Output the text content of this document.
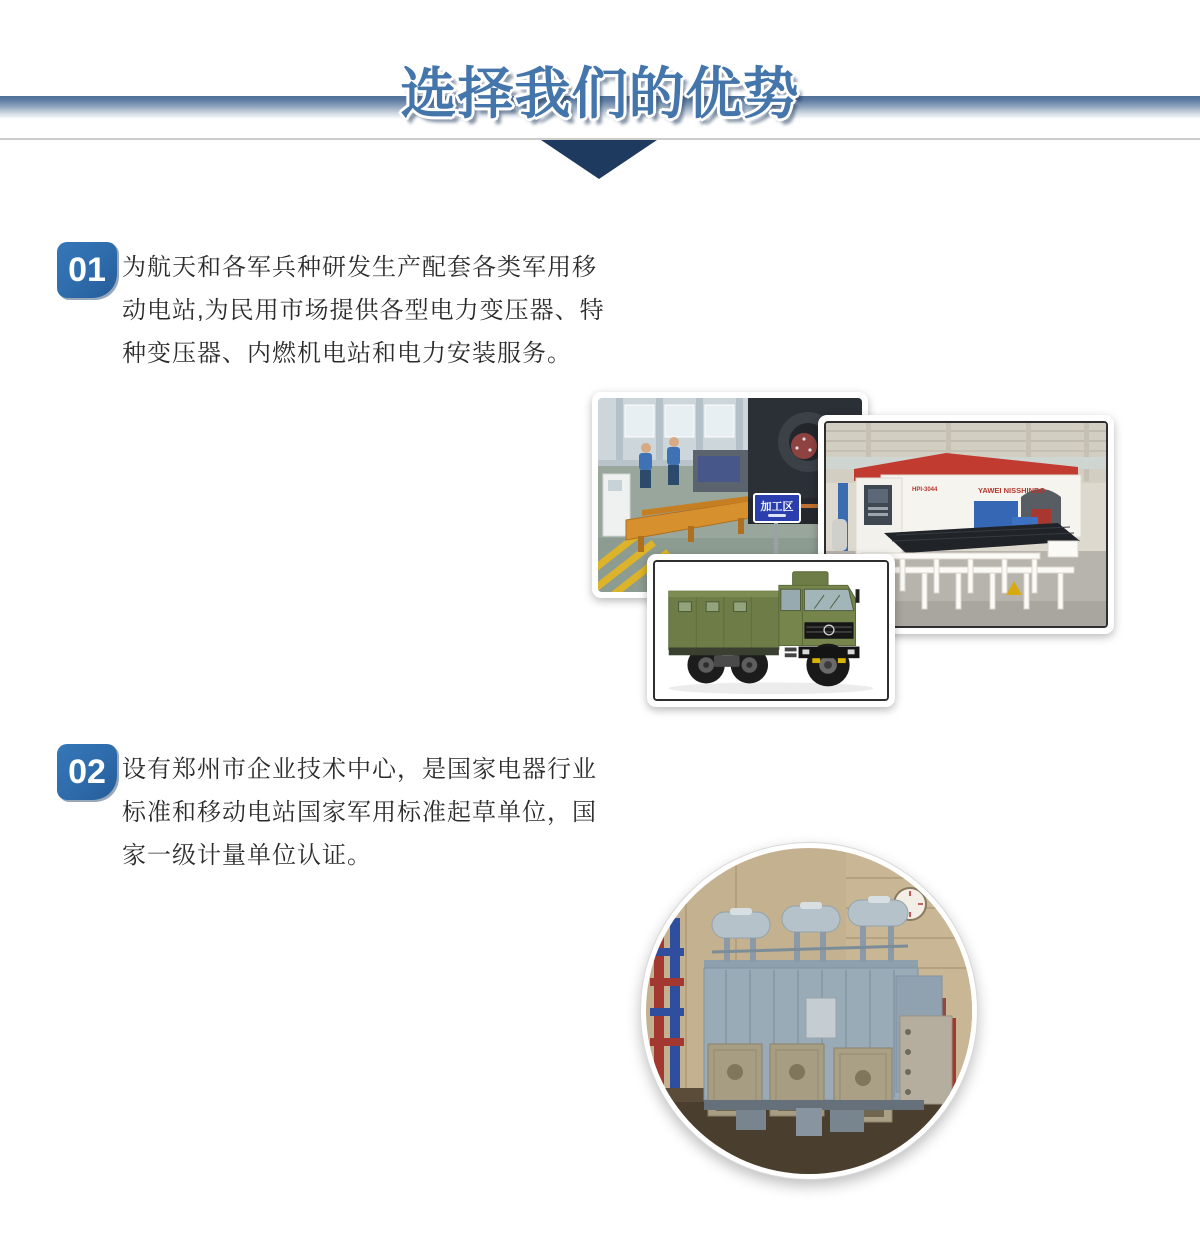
选择我们的优势
01 为航天和各军兵种研发生产配套各类军用移
动电站,为民用市场提供各型电力变压器、特
种变压器、内燃机电站和电力安装服务。
加工区
HPI-3044	YAWEI NISSHINBO
02 设有郑州市企业技术中心，是国家电器行业
标准和移动电站国家军用标准起草单位，国
家一级计量单位认证。
